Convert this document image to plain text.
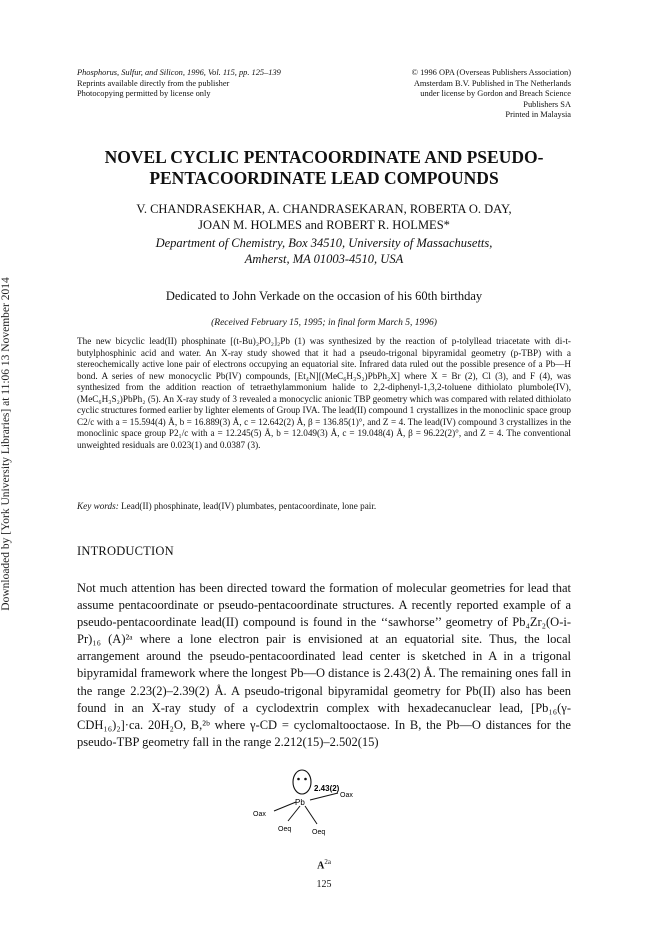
Downloaded by [York University Libraries] at 11:06 13 November 2014
Phosphorus, Sulfur, and Silicon, 1996, Vol. 115, pp. 125–139
Reprints available directly from the publisher
Photocopying permitted by license only
© 1996 OPA (Overseas Publishers Association)
Amsterdam B.V. Published in The Netherlands
under license by Gordon and Breach Science
Publishers SA
Printed in Malaysia
NOVEL CYCLIC PENTACOORDINATE AND PSEUDO-
PENTACOORDINATE LEAD COMPOUNDS
V. CHANDRASEKHAR, A. CHANDRASEKARAN, ROBERTA O. DAY,
JOAN M. HOLMES and ROBERT R. HOLMES*
Department of Chemistry, Box 34510, University of Massachusetts,
Amherst, MA 01003-4510, USA
Dedicated to John Verkade on the occasion of his 60th birthday
(Received February 15, 1995; in final form March 5, 1996)
The new bicyclic lead(II) phosphinate [(t-Bu)₂PO₂]₂Pb (1) was synthesized by the reaction of p-tolyllead triacetate with di-t-butylphosphinic acid and water. An X-ray study showed that it had a pseudo-trigonal bipyramidal geometry (p-TBP) with a stereochemically active lone pair of electrons occupying an equatorial site. Infrared data ruled out the possible presence of a Pb—H bond. A series of new monocyclic Pb(IV) compounds, [Et₄N][(MeC₆H₃S₂)PbPh₂X] where X = Br (2), Cl (3), and F (4), was synthesized from the addition reaction of tetraethylammonium halide to 2,2-diphenyl-1,3,2-toluene dithiolato plumbole(IV), (MeC₆H₃S₂)PbPh₂ (5). An X-ray study of 3 revealed a monocyclic anionic TBP geometry which was compared with related dithiolato cyclic structures formed earlier by lighter elements of Group IVA. The lead(II) compound 1 crystallizes in the monoclinic space group C2/c with a = 15.594(4) Å, b = 16.889(3) Å, c = 12.642(2) Å, β = 136.85(1)°, and Z = 4. The lead(IV) compound 3 crystallizes in the monoclinic space group P2₁/c with a = 12.245(5) Å, b = 12.049(3) Å, c = 19.048(4) Å, β = 96.22(2)°, and Z = 4. The conventional unweighted residuals are 0.023(1) and 0.0387 (3).
Key words: Lead(II) phosphinate, lead(IV) plumbates, pentacoordinate, lone pair.
INTRODUCTION
Not much attention has been directed toward the formation of molecular geometries for lead that assume pentacoordinate or pseudo-pentacoordinate structures. A recently reported example of a pseudo-pentacoordinate lead(II) compound is found in the ‘‘sawhorse’’ geometry of Pb₄Zr₂(O-i-Pr)₁₆ (A)²ᵃ where a lone electron pair is envisioned at an equatorial site. Thus, the local arrangement around the pseudo-pentacoordinated lead center is sketched in A in a trigonal bipyramidal framework where the longest Pb—O distance is 2.43(2) Å. The remaining ones fall in the range 2.23(2)–2.39(2) Å. A pseudo-trigonal bipyramidal geometry for Pb(II) also has been found in an X-ray study of a cyclodextrin complex with hexadecanuclear lead, [Pb₁₆(γ-CDH₁₆)₂]·ca. 20H₂O, B,²ᵇ where γ-CD = cyclomaltooctaose. In B, the Pb—O distances for the pseudo-TBP geometry fall in the range 2.212(15)–2.502(15)
Pb
2.43(2)
Oax
Oax
Oeq	Oeq
$A^{2a}$
125
